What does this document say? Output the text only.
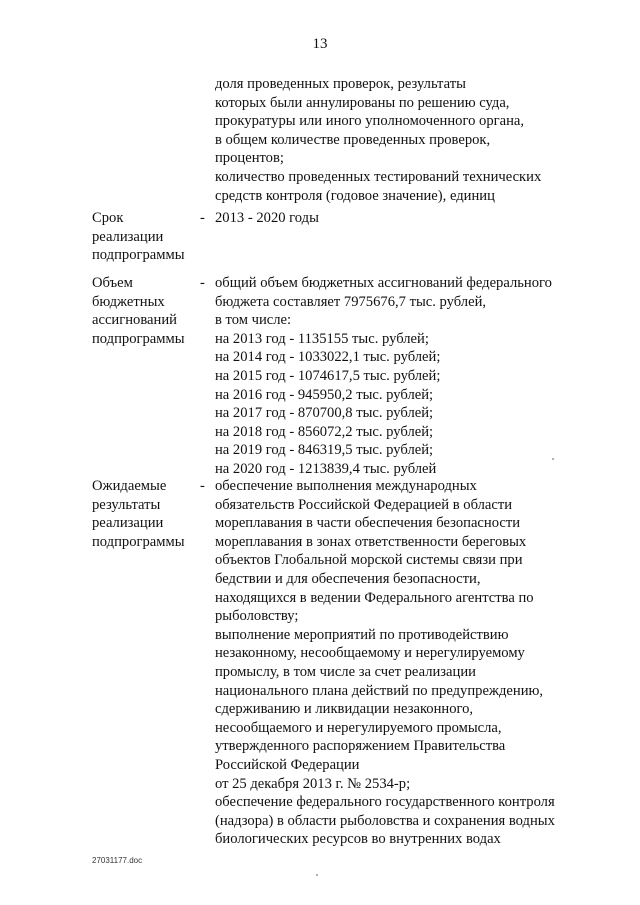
13
доля проведенных проверок, результаты
которых были аннулированы по решению суда,
прокуратуры или иного уполномоченного органа,
в общем количестве проведенных проверок,
процентов;
количество проведенных тестирований технических
средств контроля (годовое значение), единиц
Срок
реализации
подпрограммы
- 2013 - 2020 годы
Объем
бюджетных
ассигнований
подпрограммы
- общий объем бюджетных ассигнований федерального
бюджета составляет 7975676,7 тыс. рублей,
в том числе:
на 2013 год - 1135155 тыс. рублей;
на 2014 год - 1033022,1 тыс. рублей;
на 2015 год - 1074617,5 тыс. рублей;
на 2016 год - 945950,2 тыс. рублей;
на 2017 год - 870700,8 тыс. рублей;
на 2018 год - 856072,2 тыс. рублей;
на 2019 год - 846319,5 тыс. рублей;
на 2020 год - 1213839,4 тыс. рублей
Ожидаемые
результаты
реализации
подпрограммы
- обеспечение выполнения международных
обязательств Российской Федерацией в области
мореплавания в части обеспечения безопасности
мореплавания в зонах ответственности береговых
объектов Глобальной морской системы связи при
бедствии и для обеспечения безопасности,
находящихся в ведении Федерального агентства по
рыболовству;
выполнение мероприятий по противодействию
незаконному, несообщаемому и нерегулируемому
промыслу, в том числе за счет реализации
национального плана действий по предупреждению,
сдерживанию и ликвидации незаконного,
несообщаемого и нерегулируемого промысла,
утвержденного распоряжением Правительства
Российской Федерации
от 25 декабря 2013 г. № 2534-р;
обеспечение федерального государственного контроля
(надзора) в области рыболовства и сохранения водных
биологических ресурсов во внутренних водах
27031177.doc
